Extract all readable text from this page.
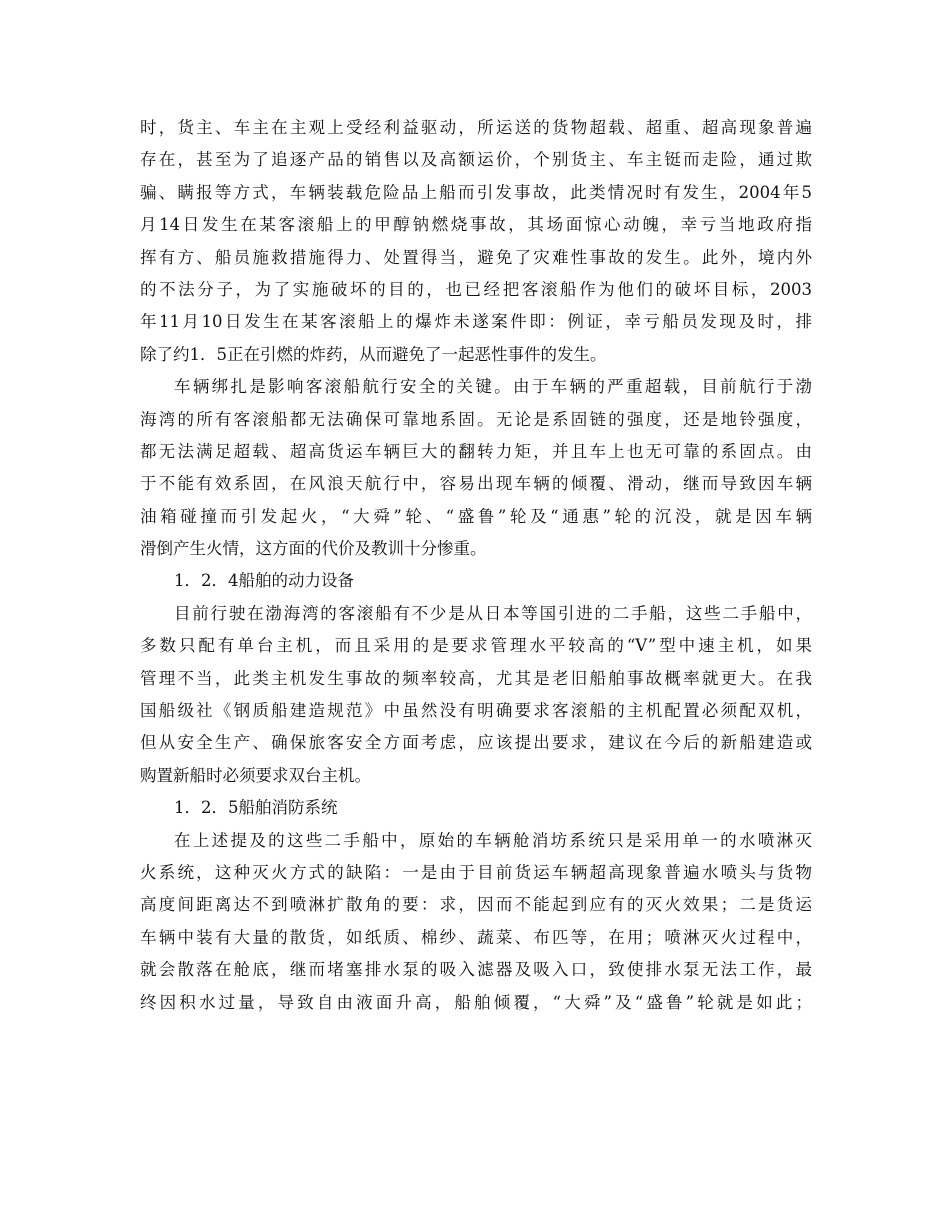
时，货主、车主在主观上受经利益驱动，所运送的货物超载、超重、超高现象普遍
存在，甚至为了追逐产品的销售以及高额运价，个别货主、车主铤而走险，通过欺
骗、瞒报等方式，车辆装载危险品上船而引发事故，此类情况时有发生，2004年5
月14日发生在某客滚船上的甲醇钠燃烧事故，其场面惊心动魄，幸亏当地政府指
挥有方、船员施救措施得力、处置得当，避免了灾难性事故的发生。此外，境内外
的不法分子，为了实施破坏的目的，也已经把客滚船作为他们的破坏目标，2003
年11月10日发生在某客滚船上的爆炸未遂案件即：例证，幸亏船员发现及时，排
除了约1．5正在引燃的炸药，从而避免了一起恶性事件的发生。
车辆绑扎是影响客滚船航行安全的关键。由于车辆的严重超载，目前航行于渤
海湾的所有客滚船都无法确保可靠地系固。无论是系固链的强度，还是地铃强度，
都无法满足超载、超高货运车辆巨大的翻转力矩，并且车上也无可靠的系固点。由
于不能有效系固，在风浪天航行中，容易出现车辆的倾覆、滑动，继而导致因车辆
油箱碰撞而引发起火，“大舜”轮、“盛鲁”轮及“通惠”轮的沉没，就是因车辆
滑倒产生火情，这方面的代价及教训十分惨重。
1．2．4船舶的动力设备
目前行驶在渤海湾的客滚船有不少是从日本等国引进的二手船，这些二手船中，
多数只配有单台主机，而且采用的是要求管理水平较高的“V”型中速主机，如果
管理不当，此类主机发生事故的频率较高，尤其是老旧船舶事故概率就更大。在我
国船级社《钢质船建造规范》中虽然没有明确要求客滚船的主机配置必须配双机，
但从安全生产、确保旅客安全方面考虑，应该提出要求，建议在今后的新船建造或
购置新船时必须要求双台主机。
1．2．5船舶消防系统
在上述提及的这些二手船中，原始的车辆舱消坊系统只是采用单一的水喷淋灭
火系统，这种灭火方式的缺陷：一是由于目前货运车辆超高现象普遍水喷头与货物
高度间距离达不到喷淋扩散角的要：求，因而不能起到应有的灭火效果；二是货运
车辆中装有大量的散货，如纸质、棉纱、蔬菜、布匹等，在用；喷淋灭火过程中，
就会散落在舱底，继而堵塞排水泵的吸入滤器及吸入口，致使排水泵无法工作，最
终因积水过量，导致自由液面升高，船舶倾覆，“大舜”及“盛鲁”轮就是如此；
